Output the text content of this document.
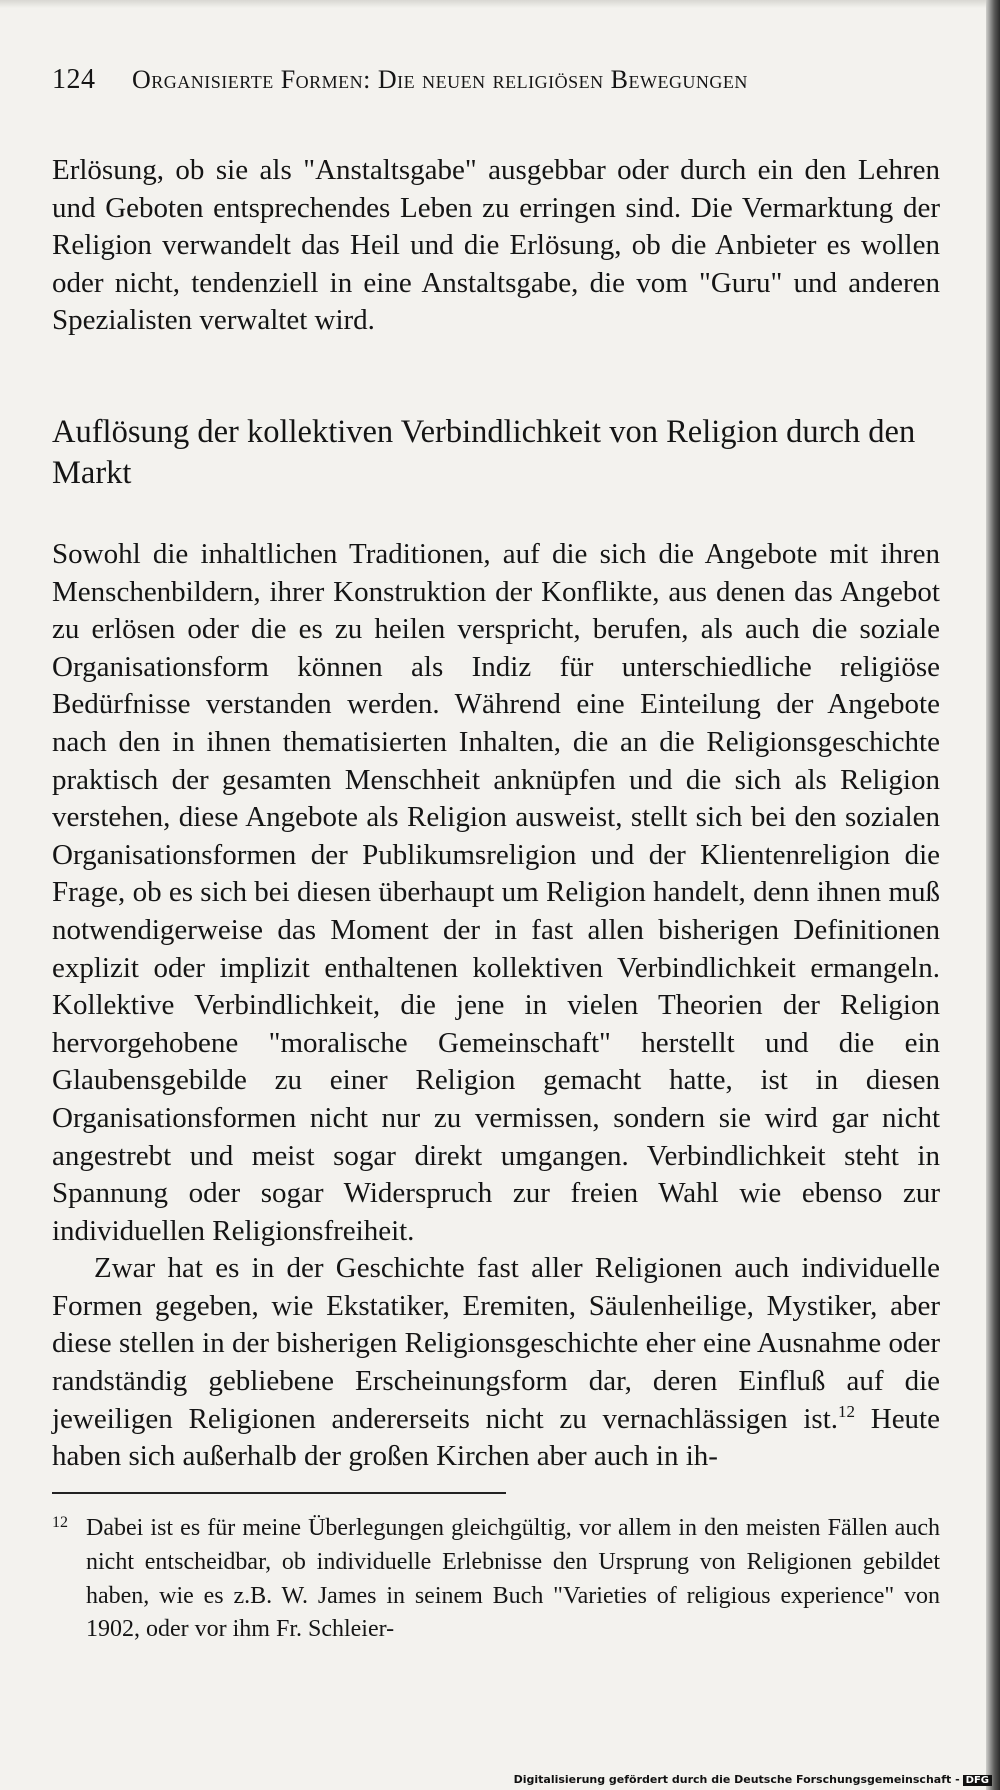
124 Organisierte Formen: Die neuen religiösen Bewegungen

Erlösung, ob sie als "Anstaltsgabe" ausgebbar oder durch ein den Lehren und Geboten entsprechendes Leben zu erringen sind. Die Vermarktung der Religion verwandelt das Heil und die Erlösung, ob die Anbieter es wollen oder nicht, tendenziell in eine Anstaltsgabe, die vom "Guru" und anderen Spezialisten verwaltet wird.

Auflösung der kollektiven Verbindlichkeit von Religion durch den Markt

Sowohl die inhaltlichen Traditionen, auf die sich die Angebote mit ihren Menschenbildern, ihrer Konstruktion der Konflikte, aus denen das Angebot zu erlösen oder die es zu heilen verspricht, berufen, als auch die soziale Organisationsform können als Indiz für unterschiedliche religiöse Bedürfnisse verstanden werden. Während eine Einteilung der Angebote nach den in ihnen thematisierten Inhalten, die an die Religionsgeschichte praktisch der gesamten Menschheit anknüpfen und die sich als Religion verstehen, diese Angebote als Religion ausweist, stellt sich bei den sozialen Organisationsformen der Publikumsreligion und der Klientenreligion die Frage, ob es sich bei diesen überhaupt um Religion handelt, denn ihnen muß notwendigerweise das Moment der in fast allen bisherigen Definitionen explizit oder implizit enthaltenen kollektiven Verbindlichkeit ermangeln. Kollektive Verbindlichkeit, die jene in vielen Theorien der Religion hervorgehobene "moralische Gemeinschaft" herstellt und die ein Glaubensgebilde zu einer Religion gemacht hatte, ist in diesen Organisationsformen nicht nur zu vermissen, sondern sie wird gar nicht angestrebt und meist sogar direkt umgangen. Verbindlichkeit steht in Spannung oder sogar Widerspruch zur freien Wahl wie ebenso zur individuellen Religionsfreiheit.

Zwar hat es in der Geschichte fast aller Religionen auch individuelle Formen gegeben, wie Ekstatiker, Eremiten, Säulenheilige, Mystiker, aber diese stellen in der bisherigen Religionsgeschichte eher eine Ausnahme oder randständig gebliebene Erscheinungsform dar, deren Einfluß auf die jeweiligen Religionen andererseits nicht zu vernachlässigen ist.$^{12}$ Heute haben sich außerhalb der großen Kirchen aber auch in ih-

12 Dabei ist es für meine Überlegungen gleichgültig, vor allem in den meisten Fällen auch nicht entscheidbar, ob individuelle Erlebnisse den Ursprung von Religionen gebildet haben, wie es z.B. W. James in seinem Buch "Varieties of religious experience" von 1902, oder vor ihm Fr. Schleier-
Digitalisierung gefördert durch die Deutsche Forschungsgemeinschaft - DFG
